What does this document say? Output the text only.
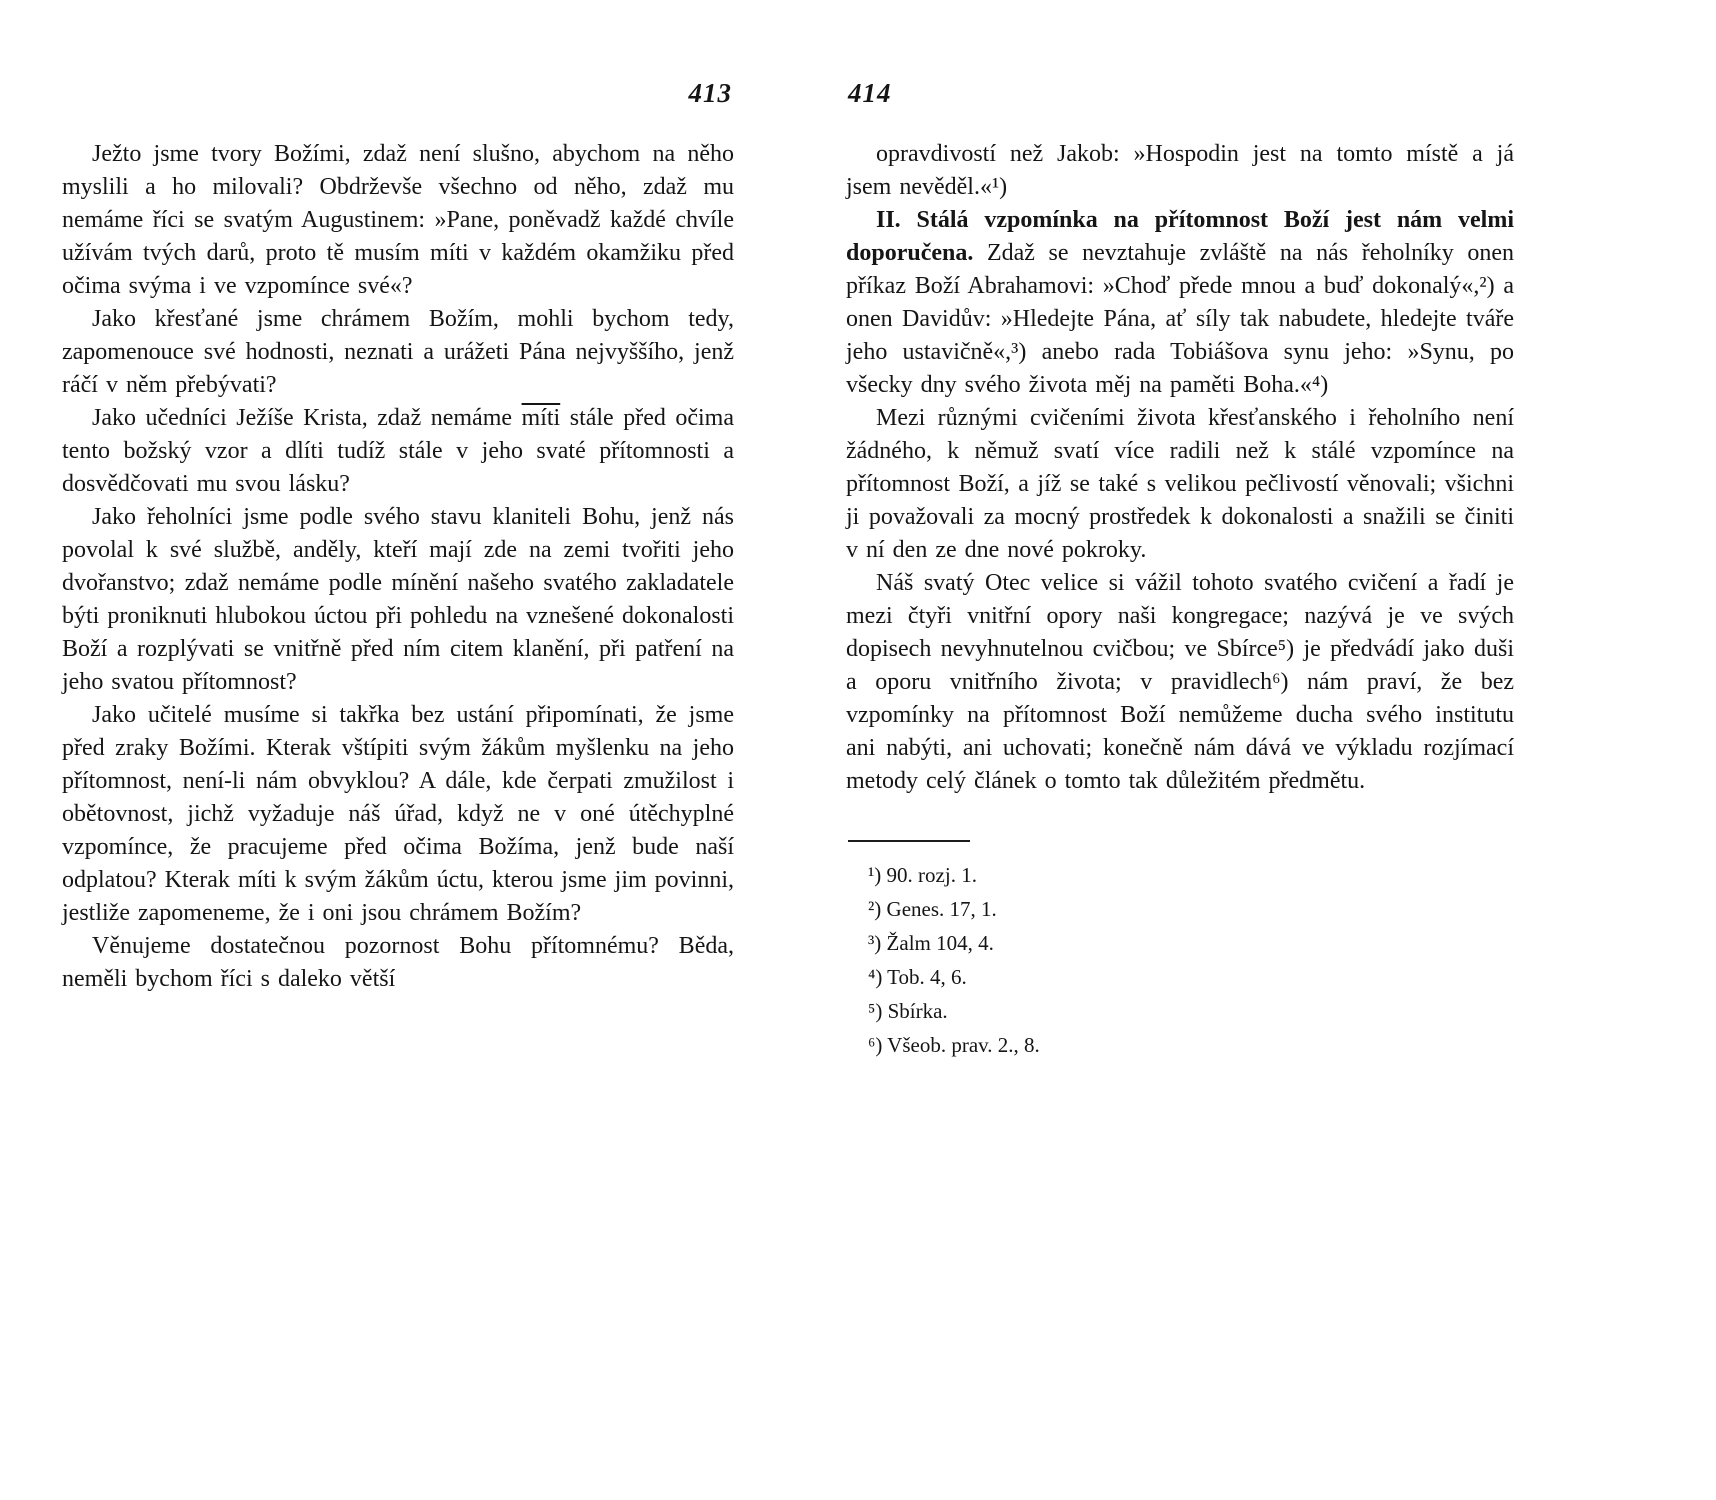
413

Ježto jsme tvory Božími, zdaž není slušno, abychom na něho myslili a ho milovali? Obdrževše všechno od něho, zdaž mu nemáme říci se svatým Augustinem: »Pane, poněvadž každé chvíle užívám tvých darů, proto tě musím míti v každém okamžiku před očima svýma i ve vzpomínce své«?

Jako křesťané jsme chrámem Božím, mohli bychom tedy, zapomenouce své hodnosti, neznati a urážeti Pána nejvyššího, jenž ráčí v něm přebývati?

Jako učedníci Ježíše Krista, zdaž nemáme míti stále před očima tento božský vzor a dlíti tudíž stále v jeho svaté přítomnosti a dosvědčovati mu svou lásku?

Jako řeholníci jsme podle svého stavu klaniteli Bohu, jenž nás povolal k své službě, anděly, kteří mají zde na zemi tvořiti jeho dvořanstvo; zdaž nemáme podle mínění našeho svatého zakladatele býti proniknuti hlubokou úctou při pohledu na vznešené dokonalosti Boží a rozplývati se vnitřně před ním citem klanění, při patření na jeho svatou přítomnost?

Jako učitelé musíme si takřka bez ustání připomínati, že jsme před zraky Božími. Kterak vštípiti svým žákům myšlenku na jeho přítomnost, není-li nám obvyklou? A dále, kde čerpati zmužilost i obětovnost, jichž vyžaduje náš úřad, když ne v oné útěchyplné vzpomínce, že pracujeme před očima Božíma, jenž bude naší odplatou? Kterak míti k svým žákům úctu, kterou jsme jim povinni, jestliže zapomeneme, že i oni jsou chrámem Božím?

Věnujeme dostatečnou pozornost Bohu přítomnému? Běda, neměli bychom říci s daleko větší

414

opravdivostí než Jakob: »Hospodin jest na tomto místě a já jsem nevěděl.«¹)

II. Stálá vzpomínka na přítomnost Boží jest nám velmi doporučena. Zdaž se nevztahuje zvláště na nás řeholníky onen příkaz Boží Abrahamovi: »Choď přede mnou a buď dokonalý«,²) a onen Davidův: »Hledejte Pána, ať síly tak nabudete, hledejte tváře jeho ustavičně«,³) anebo rada Tobiášova synu jeho: »Synu, po všecky dny svého života měj na paměti Boha.«⁴)

Mezi různými cvičeními života křesťanského i řeholního není žádného, k němuž svatí více radili než k stálé vzpomínce na přítomnost Boží, a jíž se také s velikou pečlivostí věnovali; všichni ji považovali za mocný prostředek k dokonalosti a snažili se činiti v ní den ze dne nové pokroky.

Náš svatý Otec velice si vážil tohoto svatého cvičení a řadí je mezi čtyři vnitřní opory naši kongregace; nazývá je ve svých dopisech nevyhnutelnou cvičbou; ve Sbírce⁵) je předvádí jako duši a oporu vnitřního života; v pravidlech⁶) nám praví, že bez vzpomínky na přítomnost Boží nemůžeme ducha svého institutu ani nabýti, ani uchovati; konečně nám dává ve výkladu rozjímací metody celý článek o tomto tak důležitém předmětu.

¹) 90. rozj. 1.
²) Genes. 17, 1.
³) Žalm 104, 4.
⁴) Tob. 4, 6.
⁵) Sbírka.
⁶) Všeob. prav. 2., 8.
